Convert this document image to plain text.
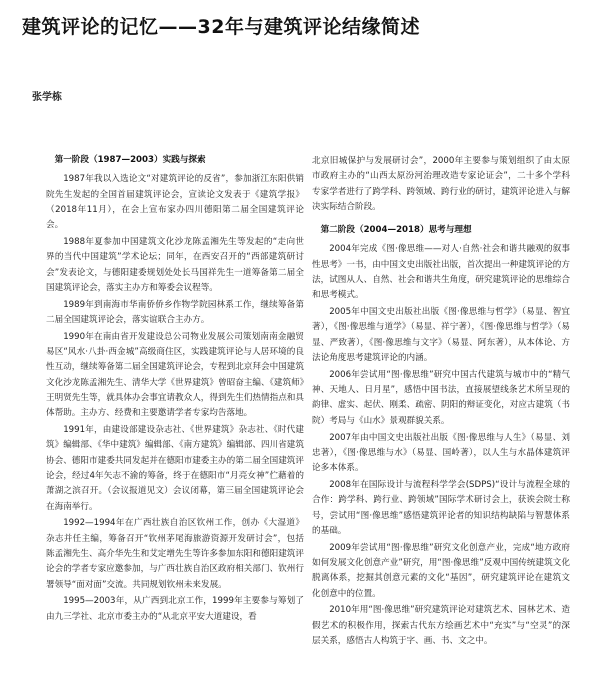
建筑评论的记忆——32年与建筑评论结缘简述
张学栋
第一阶段（1987—2003）实践与探索

1987年我以入选论文“对建筑评论的反省”，参加浙江东阳供销院先生发起的全国首届建筑评论会，宣读论文发表于《建筑学报》（2018年11月），在会上宣布家办四川德阳第二届全国建筑评论会。

1988年夏参加中国建筑文化沙龙陈孟湘先生等发起的“走向世界的当代中国建筑”学术论坛；同年，在西安召开的“西部建筑研讨会”发表论文，与德阳建委规划处处长马国祥先生一道筹备第二届全国建筑评论会，落实主办方和筹委会议程等。

1989年到南海市华南侨侨乡作物学院园林系工作，继续筹备第二届全国建筑评论会，落实谊联合主办方。

1990年在南由省开发建设总公司物业发展公司策划南南金融贸易区“风水·八卦·西金城”高级商住区，实践建筑评论与人居环境的良性互动，继续筹备第二届全国建筑评论会，专程到北京拜会中国建筑文化沙龙陈孟湘先生、清华大学《世界建筑》曾昭奋主编、《建筑师》王明贤先生等，就具体办会事宜请教众人，得到先生们热情指点和具体帮助。主办方、经费和主要邀请学者专家均告落地。

1991年，由建设部建设杂志社、《世界建筑》杂志社、《时代建筑》编辑部、《华中建筑》编辑部、《南方建筑》编辑部、四川省建筑协会、德阳市建委共同发起并在德阳市建委主办的第二届全国建筑评论会，经过4年矢志不渝的筹备，终于在德阳市“月亮女神”伫藉着的萧湖之滨召开。（会议报道见文）会议闭幕，第三届全国建筑评论会在海南举行。

1992—1994年在广西壮族自治区钦州工作，创办《大湿道》杂志并任主编，筹备召开“钦州茅尾海旅游资源开发研讨会”，包括陈孟湘先生、高介华先生和艾定增先生等许多参加东阳和德阳建筑评论会的学者专家应邀参加，与广西壮族自治区政府相关部门、钦州行署领导“面对面”交流。共同规划钦州未来发展。

1995—2003年，从广西到北京工作，1999年主要参与筹划了由九三学社、北京市委主办的“从北京平安大道建设，看

北京旧城保护与发展研讨会”，2000年主要参与策划组织了由太原市政府主办的“山西太原汾河治理改造专家论证会”，二十多个学科专家学者进行了跨学科、跨领域、跨行业的研讨，建筑评论进入与解决实际结合阶段。

第二阶段（2004—2018）思考与理想

2004年完成《图·像思维——对人·自然·社会和谐共融观的叙事性思考》一书，由中国文史出版社出版，首次提出一种建筑评论的方法，试图从人、自然、社会和谐共生角度，研究建筑评论的思维综合和思考模式。

2005年中国文史出版社出版《图·像思维与哲学》（易显、智宜著），《图·像思维与道学》（易显、祥宁著），《图·像思维与哲学》（易显、严致著），《图·像思维与文字》（易显、阿东著），从本体论、方法论角度思考建筑评论的内涵。

2006年尝试用“图·像思维”研究中国古代建筑与城市中的“精气神、天地人、日月星”，感悟中国书法，直接展望线条艺术所呈现的韵律、虚实、起伏、刚柔、疏密、阴阳的辩证变化，对应古建筑（书院）考局与《山水》景观群貌关系。

2007年由中国文史出版社出版《图·像思维与人生》（易显、刘忠著），《图·像思维与水》（易显、国岭著），以人生与水晶体建筑评论多本体系。

2008年在国际设计与流程科学学会(SDPS)“设计与流程全球的合作：跨学科、跨行业、跨领域”国际学术研讨会上，获诶会院士称号，尝试用“图·像思维”感悟建筑评论者的知识结构缺陷与智慧体系的基础。

2009年尝试用“图·像思维”研究文化创意产业，完成“地方政府如何发展文化创意产业”研究，用“图·像思维”反观中国传统建筑文化脱离体系，挖掘其创意元素的文化“基因”，研究建筑评论在建筑文化创意中的位置。

2010年用“图·像思维”研究建筑评论对建筑艺术、园林艺术、造假艺术的积极作用，探索古代东方绘画艺术中“充实”与“空灵”的深层关系，感悟古人构筑于字、画、书、文之中。
